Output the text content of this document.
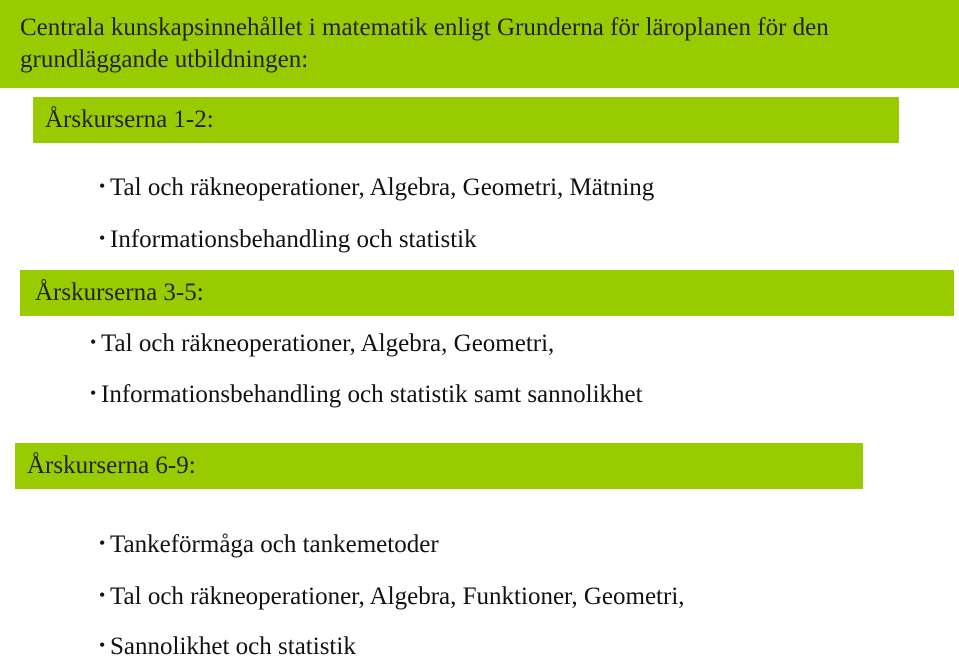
Centrala kunskapsinnehållet i matematik enligt Grunderna för läroplanen för den grundläggande utbildningen:
Årskurserna 1-2:
• Tal och räkneoperationer, Algebra, Geometri, Mätning
• Informationsbehandling och statistik
Årskurserna 3-5:
• Tal och räkneoperationer, Algebra, Geometri,
• Informationsbehandling och statistik samt sannolikhet
Årskurserna 6-9:
• Tankeförmåga och tankemetoder
• Tal och räkneoperationer, Algebra, Funktioner, Geometri,
• Sannolikhet och statistik
